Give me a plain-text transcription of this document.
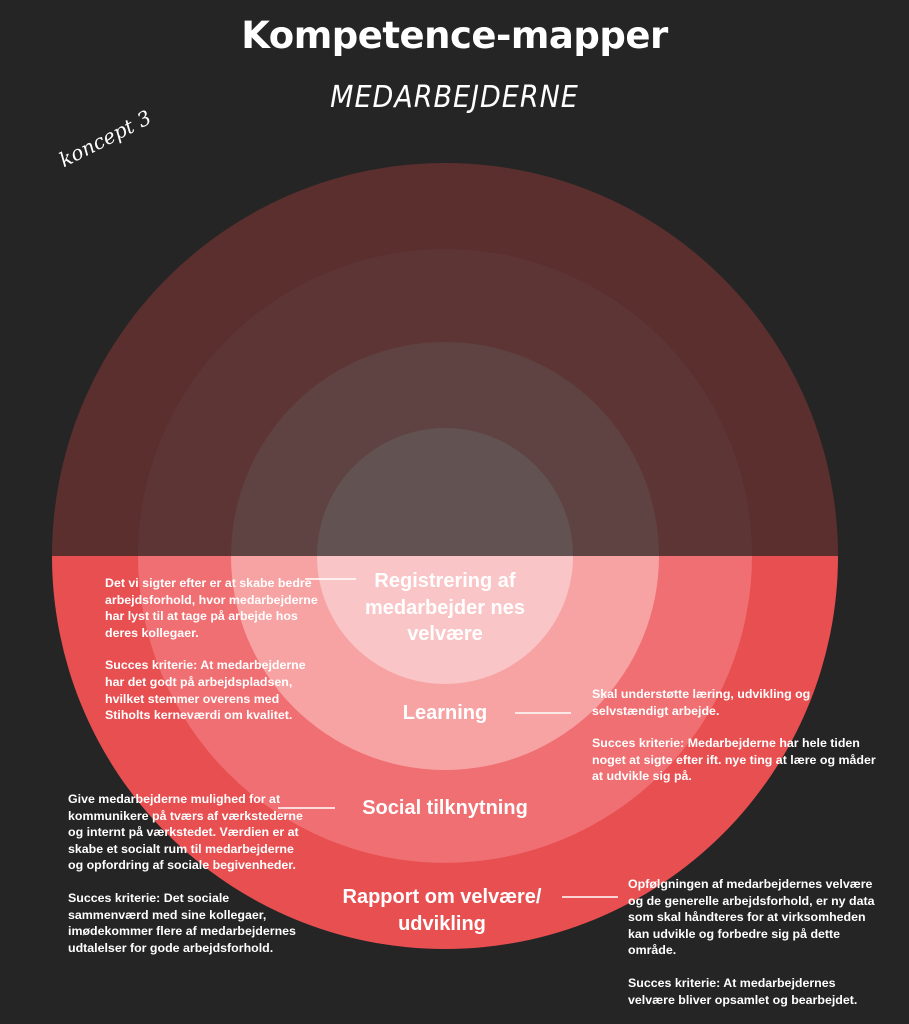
Kompetence-mapper
MEDARBEJDERNE
koncept 3
Registrering af medarbejder nes velvære
Learning
Social tilknytning
Rapport om velvære/ udvikling

Det vi sigter efter er at skabe bedre arbejdsforhold, hvor medarbejderne har lyst til at tage på arbejde hos deres kollegaer.

Succes kriterie: At medarbejderne har det godt på arbejdspladsen, hvilket stemmer overens med Stiholts kerneværdi om kvalitet.

Skal understøtte læring, udvikling og selvstændigt arbejde.

Succes kriterie: Medarbejderne har hele tiden noget at sigte efter ift. nye ting at lære og måder at udvikle sig på.

Give medarbejderne mulighed for at kommunikere på tværs af værkstederne og internt på værkstedet. Værdien er at skabe et socialt rum til medarbejderne og opfordring af sociale begivenheder.

Succes kriterie: Det sociale sammenværd med sine kollegaer, imødekommer flere af medarbejdernes udtalelser for gode arbejdsforhold.

Opfølgningen af medarbejdernes velvære og de generelle arbejdsforhold, er ny data som skal håndteres for at virksomheden kan udvikle og forbedre sig på dette område.

Succes kriterie: At medarbejdernes velvære bliver opsamlet og bearbejdet.
